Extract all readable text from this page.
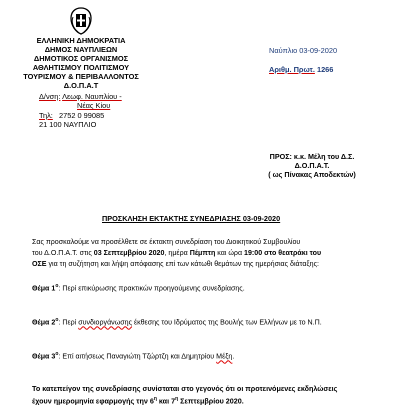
ΕΛΛΗΝΙΚΗ ΔΗΜΟΚΡΑΤΙΑ
ΔΗΜΟΣ ΝΑΥΠΛΙΕΩΝ
ΔΗΜΟΤΙΚΟΣ ΟΡΓΑΝΙΣΜΟΣ
ΑΘΛΗΤΙΣΜΟΥ ΠΟΛΙΤΙΣΜΟΥ
ΤΟΥΡΙΣΜΟΥ & ΠΕΡΙΒΑΛΛΟΝΤΟΣ
Δ.Ο.Π.Α.Τ
Δ/νση: Λεωφ. Ναυπλίου -
Νέας Κίου
Τηλ: 2752 0 99085
21 100 ΝΑΥΠΛΙΟ
Ναύπλιο 03-09-2020
Αριθμ. Πρωτ. 1266
ΠΡΟΣ: κ.κ. Μέλη του Δ.Σ.
Δ.Ο.Π.Α.Τ.
( ως Πίνακας Αποδεκτών)
ΠΡΟΣΚΛΗΣΗ ΕΚΤΑΚΤΗΣ ΣΥΝΕΔΡΙΑΣΗΣ 03-09-2020
Σας προσκαλούμε να προσέλθετε σε έκτακτη συνεδρίαση του Διοικητικού Συμβουλίου
του Δ.Ο.Π.Α.Τ. στις 03 Σεπτεμβρίου 2020, ημέρα Πέμπτη και ώρα 19:00 στο θεατράκι του
ΟΣΕ για τη συζήτηση και λήψη απόφασης επί των κάτωθι θεμάτων της ημερήσιας διάταξης:
Θέμα $1^o$: Περί επικύρωσης πρακτικών προηγούμενης συνεδρίασης.
Θέμα $2^o$: Περί συνδιοργάνωσης έκθεσης του Ιδρύματος της Βουλής των Ελλήνων με το Ν.Π.
Θέμα $3^o$: Επί αιτήσεως Παναγιώτη Τζώρτζη και Δημητρίου Μέξη.
Το κατεπείγον της συνεδρίασης συνίσταται στο γεγονός ότι οι προτεινόμενες εκδηλώσεις
έχουν ημερομηνία εφαρμογής την $6^\eta$ και $7^\eta$ Σεπτεμβρίου 2020.
